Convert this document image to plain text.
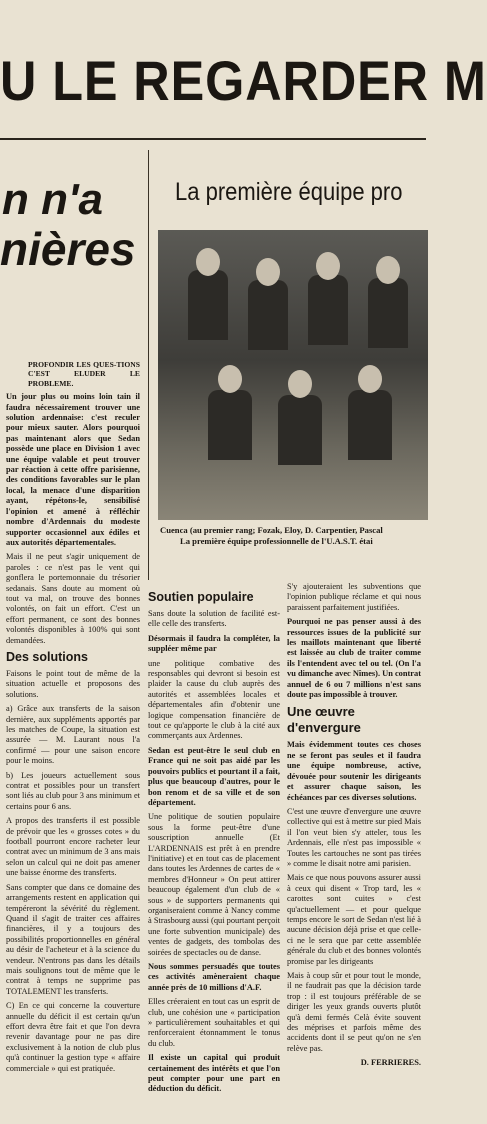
U LE REGARDER M
n n'a
nières
La première équipe pro
Cuenca (au premier rang; Fozak, Eloy, D. Carpentier, Pascal
La première équipe professionnelle de l'U.A.S.T. étai

PROFONDIR LES QUES-TIONS C'EST ELUDER LE PROBLEME.

Un jour plus ou moins loin tain il faudra nécessairement trouver une solution ardennaise: c'est reculer pour mieux sauter. Alors pourquoi pas maintenant alors que Sedan possède une place en Division 1 avec une équipe valable et peut trouver par réaction à cette offre parisienne, des conditions favorables sur le plan local, la menace d'une disparition ayant, répétons-le, sensibilisé l'opinion et amené à réfléchir nombre d'Ardennais du modeste supporter occasionnel aux édiles et aux autorités départementales.

Mais il ne peut s'agir uniquement de paroles : ce n'est pas le vent qui gonflera le portemonnaie du trésorier sedanais. Sans doute au moment où tout va mal, on trouve des bonnes volontés, on fait un effort. C'est un effort permanent, ce sont des bonnes volontés disponibles à 100% qui sont demandées.

Des solutions

Faisons le point tout de même de la situation actuelle et proposons des solutions.

a) Grâce aux transferts de la saison dernière, aux suppléments apportés par les matches de Coupe, la situation est assurée — M. Laurant nous l'a confirmé — pour une saison encore pour le moins.

b) Les joueurs actuellement sous contrat et possibles pour un transfert sont liés au club pour 3 ans minimum et certains pour 6 ans.

A propos des transferts il est possible de prévoir que les « grosses cotes » du football pourront encore racheter leur contrat avec un minimum de 3 ans mais selon un calcul qui ne doit pas amener une baisse énorme des transferts.

Sans compter que dans ce domaine des arrangements restent en application qui tempéreront la sévérité du règlement. Quand il s'agit de traiter ces affaires financières, il y a toujours des possibilités proportionnelles en général au désir de l'acheteur et à la science du vendeur. N'entrons pas dans les détails mais soulignons tout de même que le contrat à temps ne supprime pas TOTALEMENT les transferts.

C) En ce qui concerne la couverture annuelle du déficit il est certain qu'un effort devra être fait et que l'on devra revenir davantage pour ne pas dire exclusivement à la notion de club plus qu'à continuer la gestion type « affaire commerciale » qui est pratiquée.

Soutien populaire

Sans doute la solution de facilité est-elle celle des transferts.

Désormais il faudra la compléter, la suppléer même par

une politique combative des responsables qui devront si besoin est plaider la cause du club auprès des autorités et assemblées locales et départementales afin d'obtenir une logique compensation financière de tout ce qu'apporte le club à la cité aux commerçants aux Ardennes.

Sedan est peut-être le seul club en France qui ne soit pas aidé par les pouvoirs publics et pourtant il a fait, plus que beaucoup d'autres, pour le bon renom et de sa ville et de son département.

Une politique de soutien populaire sous la forme peut-être d'une souscription annuelle (Et L'ARDENNAIS est prêt à en prendre l'initiative) et en tout cas de placement dans toutes les Ardennes de cartes de « membres d'Honneur » On peut attirer beaucoup également d'un club de « sous » de supporters permanents qui organiseraient comme à Nancy comme à Strasbourg aussi (qui pourtant perçoit une forte subvention municipale) des ventes de gadgets, des tombolas des soirées de spectacles ou de danse.

Nous sommes persuadés que toutes ces activités amèneraient chaque année près de 10 millions d'A.F.

Elles créeraient en tout cas un esprit de club, une cohésion une « participation » particulièrement souhaitables et qui renforceraient étonnamment le tonus du club.

Il existe un capital qui produit certainement des intérêts et que l'on peut compter pour une part en déduction du déficit.

S'y ajouteraient les subventions que l'opinion publique réclame et qui nous paraissent parfaitement justifiées.

Pourquoi ne pas penser aussi à des ressources issues de la publicité sur les maillots maintenant que liberté est laissée au club de traiter comme ils l'entendent avec tel ou tel. (On l'a vu dimanche avec Nîmes). Un contrat annuel de 6 ou 7 millions n'est sans doute pas impossible à trouver.

Une œuvre

d'envergure

Mais évidemment toutes ces choses ne se feront pas seules et il faudra une équipe nombreuse, active, dévouée pour soutenir les dirigeants et assurer chaque saison, les échéances par ces diverses solutions.

C'est une œuvre d'envergure une œuvre collective qui est à mettre sur pied Mais il l'on veut bien s'y atteler, tous les Ardennais, elle n'est pas impossible « Toutes les cartouches ne sont pas tirées » comme le disait notre ami parisien.

Mais ce que nous pouvons assurer aussi à ceux qui disent « Trop tard, les « carottes sont cuites » c'est qu'actuellement — et pour quelque temps encore le sort de Sedan n'est lié à aucune décision déjà prise et que celle-ci ne le sera que par cette assemblée générale du club et des bonnes volontés promise par les dirigeants

Mais à coup sûr et pour tout le monde, il ne faudrait pas que la décision tarde trop : il est toujours préférable de se diriger les yeux grands ouverts plutôt qu'à demi fermés Celà évite souvent des méprises et parfois même des accidents dont il se peut qu'on ne s'en relève pas.

D. FERRIERES.
